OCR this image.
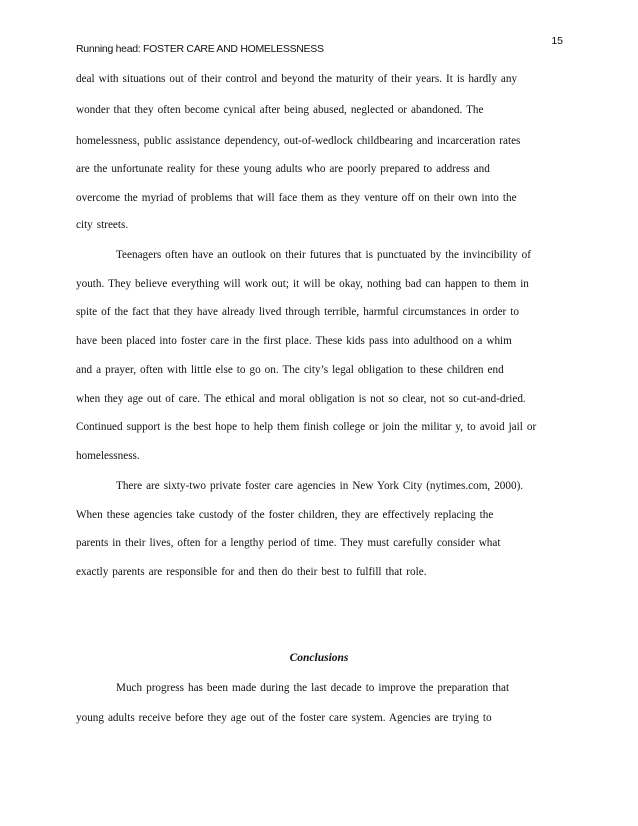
15
Running head: FOSTER CARE AND HOMELESSNESS
deal with situations out of their control and beyond the maturity of their years. It is hardly any
wonder that they often become cynical after being abused, neglected or abandoned. The
homelessness, public assistance dependency, out-of-wedlock childbearing and incarceration rates
are the unfortunate reality for these young adults who are poorly prepared to address and
overcome the myriad of problems that will face them as they venture off on their own into the
city streets.
Teenagers often have an outlook on their futures that is punctuated by the invincibility of
youth. They believe everything will work out; it will be okay, nothing bad can happen to them in
spite of the fact that they have already lived through terrible, harmful circumstances in order to
have been placed into foster care in the first place. These kids pass into adulthood on a whim
and a prayer, often with little else to go on. The city’s legal obligation to these children end
when they age out of care. The ethical and moral obligation is not so clear, not so cut-and-dried.
Continued support is the best hope to help them finish college or join the militar y, to avoid jail or
homelessness.
There are sixty-two private foster care agencies in New York City (nytimes.com, 2000).
When these agencies take custody of the foster children, they are effectively replacing the
parents in their lives, often for a lengthy period of time. They must carefully consider what
exactly parents are responsible for and then do their best to fulfill that role.
Conclusions
Much progress has been made during the last decade to improve the preparation that
young adults receive before they age out of the foster care system. Agencies are trying to
